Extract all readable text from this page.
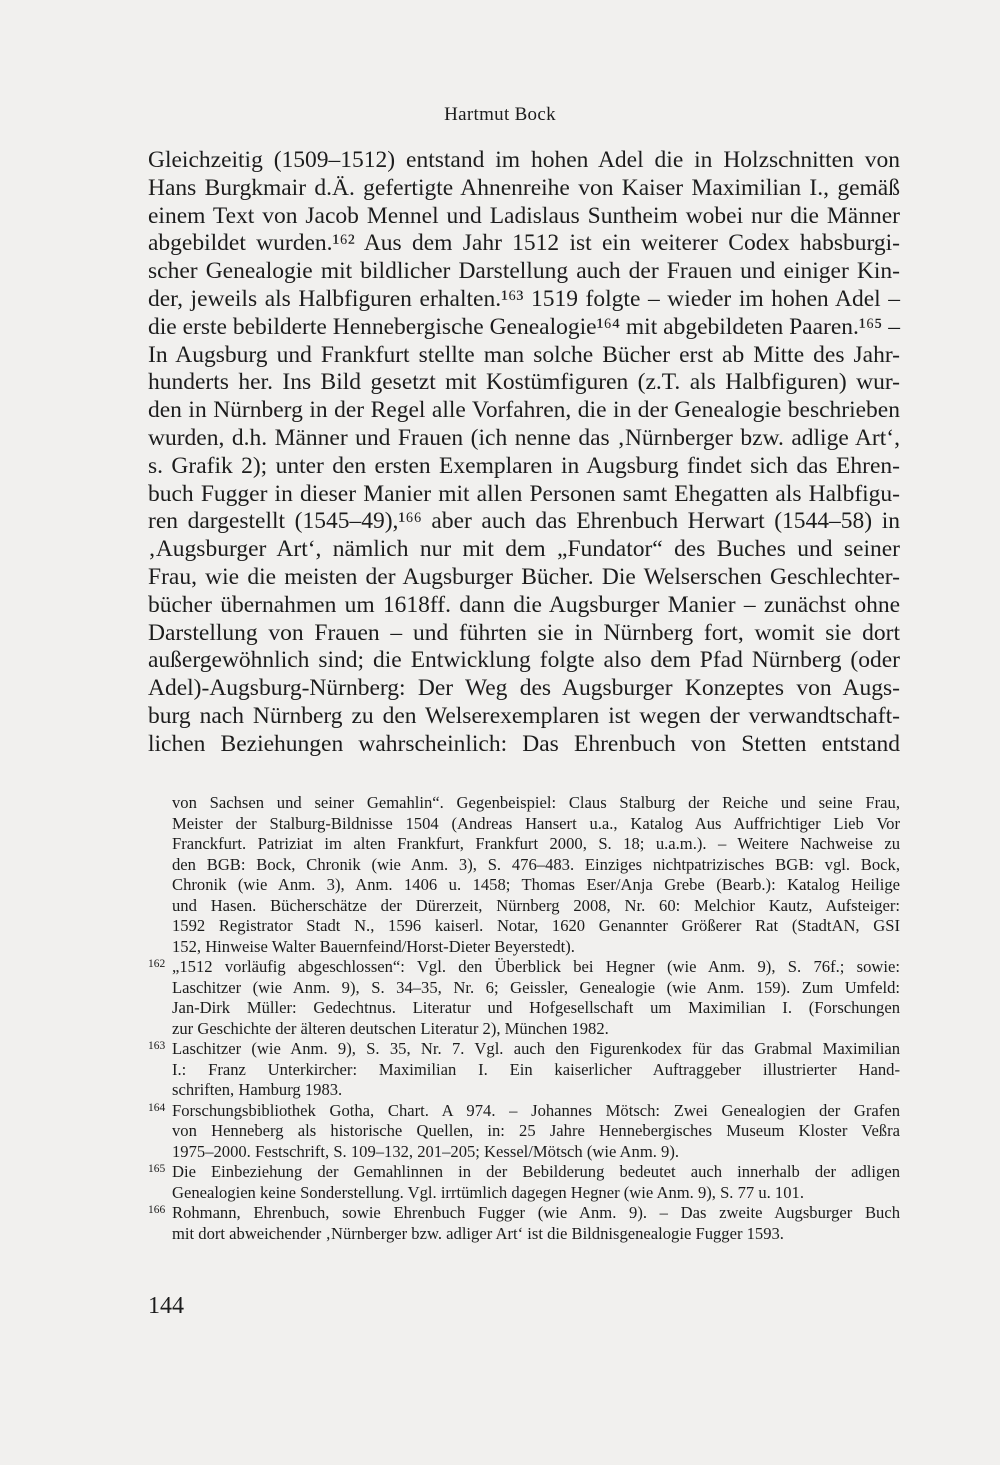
Hartmut Bock
Gleichzeitig (1509–1512) entstand im hohen Adel die in Holzschnitten von
Hans Burgkmair d.Ä. gefertigte Ahnenreihe von Kaiser Maximilian I., gemäß
einem Text von Jacob Mennel und Ladislaus Suntheim wobei nur die Männer
abgebildet wurden.¹⁶² Aus dem Jahr 1512 ist ein weiterer Codex habsburgi-
scher Genealogie mit bildlicher Darstellung auch der Frauen und einiger Kin-
der, jeweils als Halbfiguren erhalten.¹⁶³ 1519 folgte – wieder im hohen Adel –
die erste bebilderte Hennebergische Genealogie¹⁶⁴ mit abgebildeten Paaren.¹⁶⁵ –
In Augsburg und Frankfurt stellte man solche Bücher erst ab Mitte des Jahr-
hunderts her. Ins Bild gesetzt mit Kostümfiguren (z.T. als Halbfiguren) wur-
den in Nürnberg in der Regel alle Vorfahren, die in der Genealogie beschrieben
wurden, d.h. Männer und Frauen (ich nenne das ‚Nürnberger bzw. adlige Art‘,
s. Grafik 2); unter den ersten Exemplaren in Augsburg findet sich das Ehren-
buch Fugger in dieser Manier mit allen Personen samt Ehegatten als Halbfigu-
ren dargestellt (1545–49),¹⁶⁶ aber auch das Ehrenbuch Herwart (1544–58) in
‚Augsburger Art‘, nämlich nur mit dem „Fundator“ des Buches und seiner
Frau, wie die meisten der Augsburger Bücher. Die Welserschen Geschlechter-
bücher übernahmen um 1618ff. dann die Augsburger Manier – zunächst ohne
Darstellung von Frauen – und führten sie in Nürnberg fort, womit sie dort
außergewöhnlich sind; die Entwicklung folgte also dem Pfad Nürnberg (oder
Adel)-Augsburg-Nürnberg: Der Weg des Augsburger Konzeptes von Augs-
burg nach Nürnberg zu den Welserexemplaren ist wegen der verwandtschaft-
lichen Beziehungen wahrscheinlich: Das Ehrenbuch von Stetten entstand
von Sachsen und seiner Gemahlin“. Gegenbeispiel: Claus Stalburg der Reiche und seine Frau,
Meister der Stalburg-Bildnisse 1504 (Andreas Hansert u.a., Katalog Aus Auffrichtiger Lieb Vor
Franckfurt. Patriziat im alten Frankfurt, Frankfurt 2000, S. 18; u.a.m.). – Weitere Nachweise zu
den BGB: Bock, Chronik (wie Anm. 3), S. 476–483. Einziges nichtpatrizisches BGB: vgl. Bock,
Chronik (wie Anm. 3), Anm. 1406 u. 1458; Thomas Eser/Anja Grebe (Bearb.): Katalog Heilige
und Hasen. Bücherschätze der Dürerzeit, Nürnberg 2008, Nr. 60: Melchior Kautz, Aufsteiger:
1592 Registrator Stadt N., 1596 kaiserl. Notar, 1620 Genannter Größerer Rat (StadtAN, GSI
152, Hinweise Walter Bauernfeind/Horst-Dieter Beyerstedt).
162 „1512 vorläufig abgeschlossen“: Vgl. den Überblick bei Hegner (wie Anm. 9), S. 76f.; sowie:
Laschitzer (wie Anm. 9), S. 34–35, Nr. 6; Geissler, Genealogie (wie Anm. 159). Zum Umfeld:
Jan-Dirk Müller: Gedechtnus. Literatur und Hofgesellschaft um Maximilian I. (Forschungen
zur Geschichte der älteren deutschen Literatur 2), München 1982.
163 Laschitzer (wie Anm. 9), S. 35, Nr. 7. Vgl. auch den Figurenkodex für das Grabmal Maximilian
I.: Franz Unterkircher: Maximilian I. Ein kaiserlicher Auftraggeber illustrierter Hand-
schriften, Hamburg 1983.
164 Forschungsbibliothek Gotha, Chart. A 974. – Johannes Mötsch: Zwei Genealogien der Grafen
von Henneberg als historische Quellen, in: 25 Jahre Hennebergisches Museum Kloster Veßra
1975–2000. Festschrift, S. 109–132, 201–205; Kessel/Mötsch (wie Anm. 9).
165 Die Einbeziehung der Gemahlinnen in der Bebilderung bedeutet auch innerhalb der adligen
Genealogien keine Sonderstellung. Vgl. irrtümlich dagegen Hegner (wie Anm. 9), S. 77 u. 101.
166 Rohmann, Ehrenbuch, sowie Ehrenbuch Fugger (wie Anm. 9). – Das zweite Augsburger Buch
mit dort abweichender ‚Nürnberger bzw. adliger Art‘ ist die Bildnisgenealogie Fugger 1593.
144
